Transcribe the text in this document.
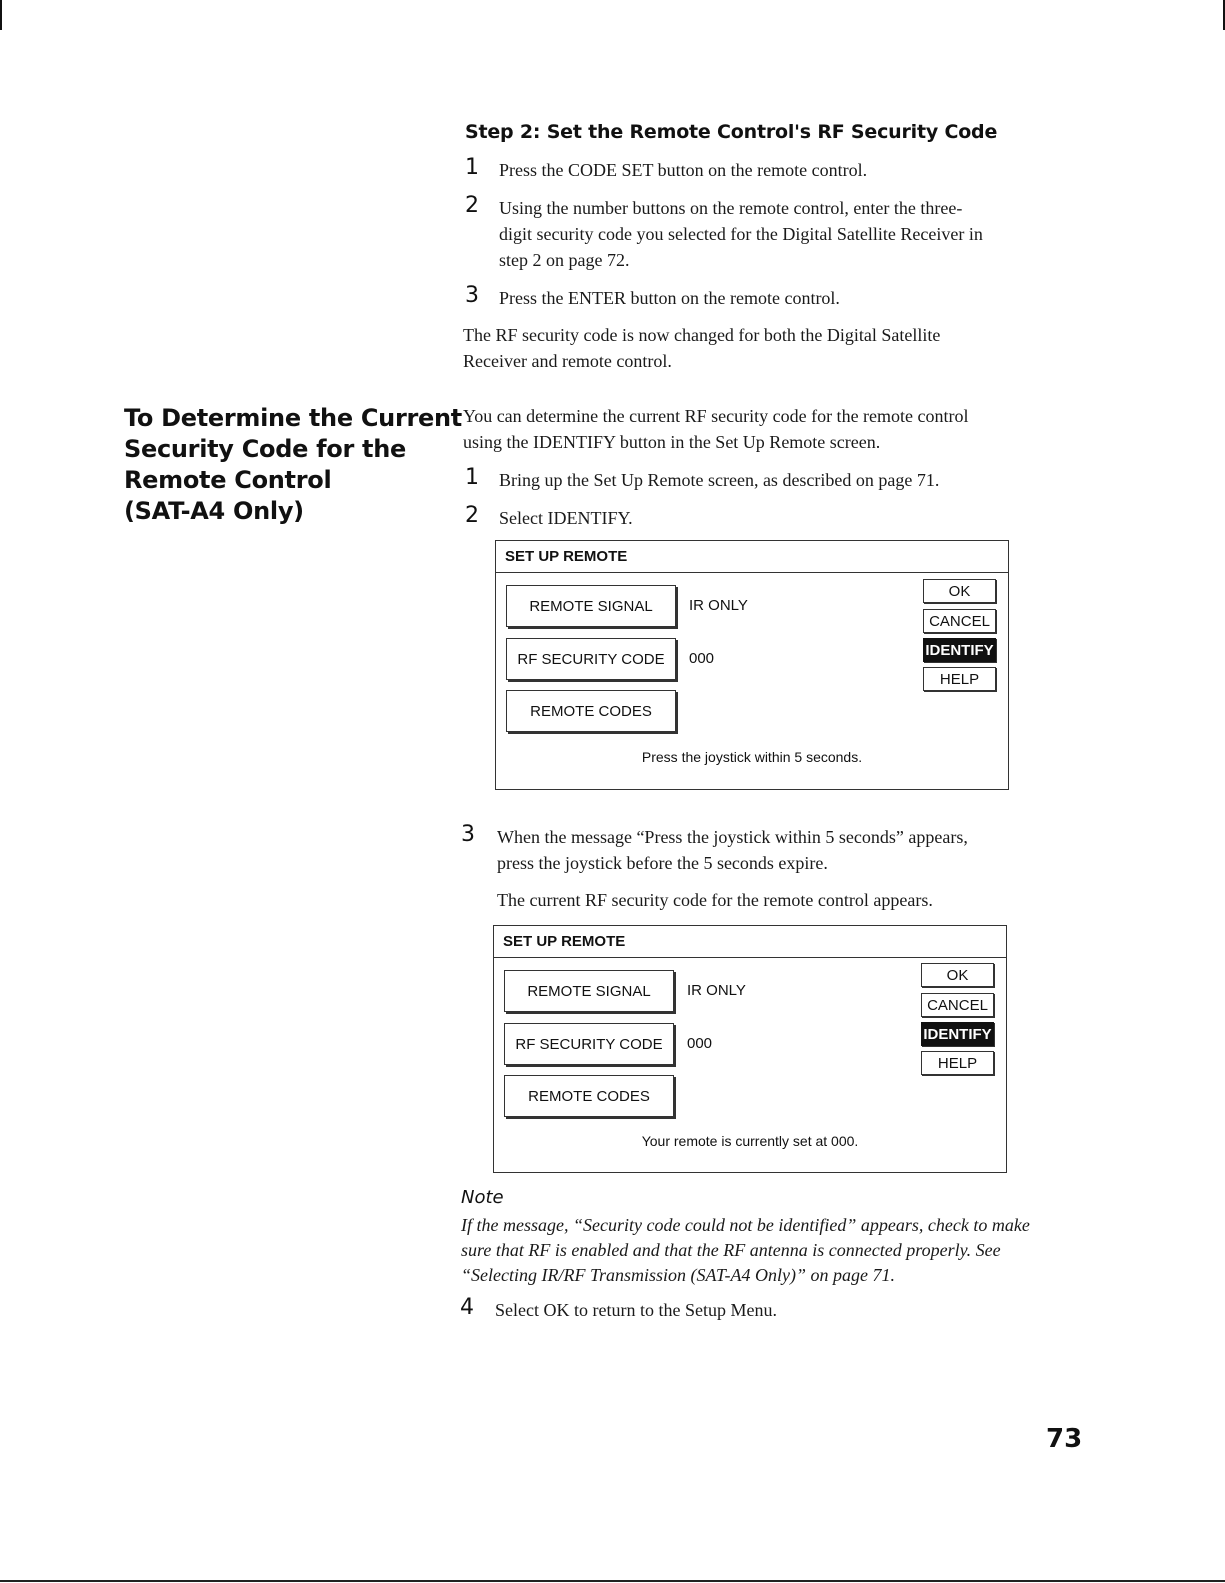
Step 2: Set the Remote Control's RF Security Code
1 Press the CODE SET button on the remote control.
2 Using the number buttons on the remote control, enter the three-
digit security code you selected for the Digital Satellite Receiver in
step 2 on page 72.
3 Press the ENTER button on the remote control.
The RF security code is now changed for both the Digital Satellite
Receiver and remote control.
To Determine the Current
Security Code for the
Remote Control
(SAT-A4 Only)
You can determine the current RF security code for the remote control
using the IDENTIFY button in the Set Up Remote screen.
1 Bring up the Set Up Remote screen, as described on page 71.
2 Select IDENTIFY.
SET UP REMOTE
REMOTE SIGNAL	IR ONLY
RF SECURITY CODE	000
REMOTE CODES
OK
CANCEL
IDENTIFY
HELP
Press the joystick within 5 seconds.
3 When the message “Press the joystick within 5 seconds” appears,
press the joystick before the 5 seconds expire.
The current RF security code for the remote control appears.
SET UP REMOTE
REMOTE SIGNAL	IR ONLY
RF SECURITY CODE	000
REMOTE CODES
OK
CANCEL
IDENTIFY
HELP
Your remote is currently set at 000.
Note
If the message, “Security code could not be identified” appears, check to make
sure that RF is enabled and that the RF antenna is connected properly. See
“Selecting IR/RF Transmission (SAT-A4 Only)” on page 71.
4 Select OK to return to the Setup Menu.
73
